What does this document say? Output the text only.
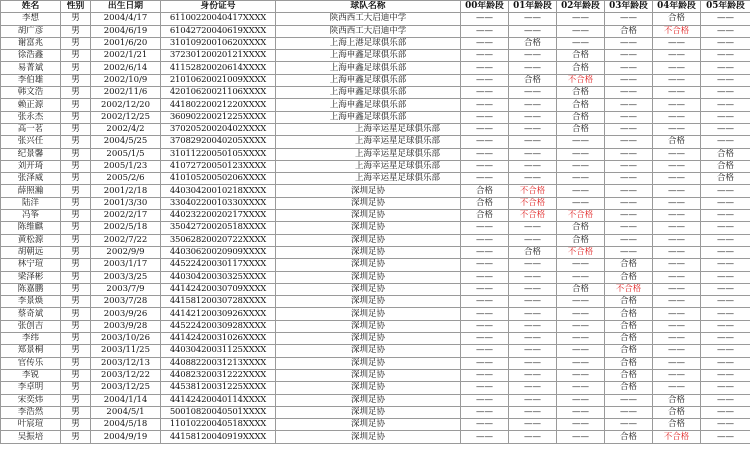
姓名	性别	出生日期	身份证号	球队名称	00年龄段	01年龄段	02年龄段	03年龄段	04年龄段	05年龄段
李想	男	2004/4/17	61100220040417XXXX	陕西西工大启迪中学	——	——	——	——	合格	——
胡广彦	男	2004/6/19	61042720040619XXXX	陕西西工大启迪中学	——	——	——	合格	不合格	——
谢富兆	男	2001/6/20	31010920010620XXXX	上海上港足球俱乐部	——	合格	——	——	——	——
徐浩鑫	男	2002/1/21	37230120020121XXXX	上海申鑫足球俱乐部	——	——	合格	——	——	——
易菁斌	男	2002/6/14	41152820020614XXXX	上海申鑫足球俱乐部	——	——	合格	——	——	——
李伯雄	男	2002/10/9	21010620021009XXXX	上海申鑫足球俱乐部	——	合格	不合格	——	——	——
韩文浩	男	2002/11/6	42010620021106XXXX	上海申鑫足球俱乐部	——	——	合格	——	——	——
赖正源	男	2002/12/20	44180220021220XXXX	上海申鑫足球俱乐部	——	——	合格	——	——	——
张永杰	男	2002/12/25	36090220021225XXXX	上海申鑫足球俱乐部	——	——	合格	——	——	——
高一茗	男	2002/4/2	37020520020402XXXX	上海幸运星足球俱乐部	——	——	合格	——	——	——
张兴任	男	2004/5/25	37082920040205XXXX	上海幸运星足球俱乐部	——	——	——	——	合格	——
纪景馨	男	2005/1/5	31011220050105XXXX	上海幸运星足球俱乐部	——	——	——	——	——	合格
刘开琦	男	2005/1/23	41072720050123XXXX	上海幸运星足球俱乐部	——	——	——	——	——	合格
张泽威	男	2005/2/6	41010520050206XXXX	上海幸运星足球俱乐部	——	——	——	——	——	合格
薛照瀚	男	2001/2/18	44030420010218XXXX	深圳足协	合格	不合格	——	——	——	——
陆洋	男	2001/3/30	33040220010330XXXX	深圳足协	合格	不合格	——	——	——	——
冯筝	男	2002/2/17	44023220020217XXXX	深圳足协	合格	不合格	不合格	——	——	——
陈维麒	男	2002/5/18	35042720020518XXXX	深圳足协	——	——	合格	——	——	——
黄松源	男	2002/7/22	35062820020722XXXX	深圳足协	——	——	合格	——	——	——
胡朝远	男	2002/9/9	44030620020909XXXX	深圳足协	——	合格	不合格	——	——	——
林宁瑄	男	2003/1/17	44522420030117XXXX	深圳足协	——	——	——	合格	——	——
梁泽彬	男	2003/3/25	44030420030325XXXX	深圳足协	——	——	——	合格	——	——
陈嘉鹏	男	2003/7/9	44142420030709XXXX	深圳足协	——	——	合格	不合格	——	——
李景焕	男	2003/7/28	44158120030728XXXX	深圳足协	——	——	——	合格	——	——
蔡奇斌	男	2003/9/26	44142120030926XXXX	深圳足协	——	——	——	合格	——	——
张创吉	男	2003/9/28	44522420030928XXXX	深圳足协	——	——	——	合格	——	——
李纬	男	2003/10/26	44142420031026XXXX	深圳足协	——	——	——	合格	——	——
郑景桐	男	2003/11/25	44030420031125XXXX	深圳足协	——	——	——	合格	——	——
官传乐	男	2003/12/13	44088220031213XXXX	深圳足协	——	——	——	合格	——	——
李锐	男	2003/12/22	44082320031222XXXX	深圳足协	——	——	——	合格	——	——
李卓明	男	2003/12/25	44538120031225XXXX	深圳足协	——	——	——	合格	——	——
宋奕炜	男	2004/1/14	44142420040114XXXX	深圳足协	——	——	——	——	合格	——
李浩然	男	2004/5/1	50010820040501XXXX	深圳足协	——	——	——	——	合格	——
叶宸瑄	男	2004/5/18	11010220040518XXXX	深圳足协	——	——	——	——	合格	——
吴振培	男	2004/9/19	44158120040919XXXX	深圳足协	——	——	——	合格	不合格	——
